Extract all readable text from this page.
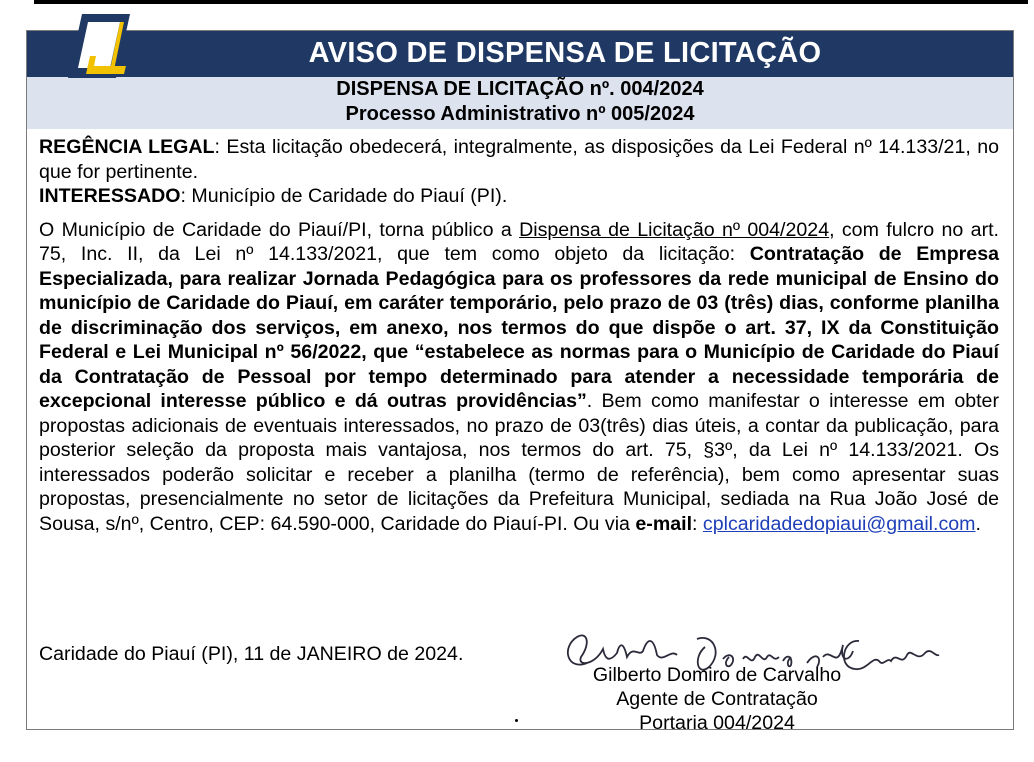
AVISO DE DISPENSA DE LICITAÇÃO
DISPENSA DE LICITAÇÃO nº. 004/2024
Processo Administrativo nº 005/2024

REGÊNCIA LEGAL: Esta licitação obedecerá, integralmente, as disposições da Lei Federal nº 14.133/21, no que for pertinente.

INTERESSADO: Município de Caridade do Piauí (PI).

O Município de Caridade do Piauí/PI, torna público a Dispensa de Licitação nº 004/2024, com fulcro no art. 75, Inc. II, da Lei nº 14.133/2021, que tem como objeto da licitação: Contratação de Empresa Especializada, para realizar Jornada Pedagógica para os professores da rede municipal de Ensino do município de Caridade do Piauí, em caráter temporário, pelo prazo de 03 (três) dias, conforme planilha de discriminação dos serviços, em anexo, nos termos do que dispõe o art. 37, IX da Constituição Federal e Lei Municipal nº 56/2022, que “estabelece as normas para o Município de Caridade do Piauí da Contratação de Pessoal por tempo determinado para atender a necessidade temporária de excepcional interesse público e dá outras providências”. Bem como manifestar o interesse em obter propostas adicionais de eventuais interessados, no prazo de 03(três) dias úteis, a contar da publicação, para posterior seleção da proposta mais vantajosa, nos termos do art. 75, §3º, da Lei nº 14.133/2021. Os interessados poderão solicitar e receber a planilha (termo de referência), bem como apresentar suas propostas, presencialmente no setor de licitações da Prefeitura Municipal, sediada na Rua João José de Sousa, s/nº, Centro, CEP: 64.590-000, Caridade do Piauí-PI. Ou via e-mail: cplcaridadedopiaui@gmail.com.

Caridade do Piauí (PI), 11 de JANEIRO de 2024.
Gilberto Domiro de Carvalho
Agente de Contratação
Portaria 004/2024
